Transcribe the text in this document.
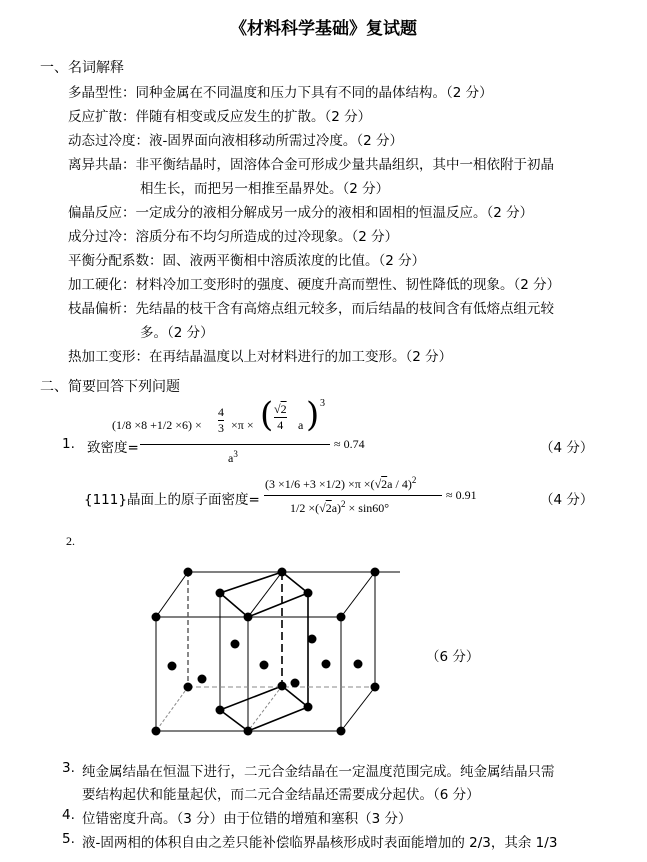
《材料科学基础》复试题
一、名词解释
多晶型性：同种金属在不同温度和压力下具有不同的晶体结构。（2 分）
反应扩散：伴随有相变或反应发生的扩散。（2 分）
动态过冷度：液-固界面向液相移动所需过冷度。（2 分）
离异共晶：非平衡结晶时，固溶体合金可形成少量共晶组织，其中一相依附于初晶
相生长，而把另一相推至晶界处。（2 分）
偏晶反应：一定成分的液相分解成另一成分的液相和固相的恒温反应。（2 分）
成分过冷：溶质分布不均匀所造成的过冷现象。（2 分）
平衡分配系数：固、液两平衡相中溶质浓度的比值。（2 分）
加工硬化：材料冷加工变形时的强度、硬度升高而塑性、韧性降低的现象。（2 分）
枝晶偏析：先结晶的枝干含有高熔点组元较多，而后结晶的枝间含有低熔点组元较
多。（2 分）
热加工变形：在再结晶温度以上对材料进行的加工变形。（2 分）
二、简要回答下列问题
1. 致密度=
(1/8 ×8 +1/2 ×6) ×
4
3 ×π × ( √2
4 a ) 3
$a^3$
≈ 0.74	（4 分）
{111}晶面上的原子面密度=
(3 ×1/6 +3 ×1/2) ×π ×(√2a / 4)$^2$
$1/2 \times(√2a)^2 \times \sin 60^\circ$
≈ 0.91	（4 分）
2.
（6 分）
3. 纯金属结晶在恒温下进行，二元合金结晶在一定温度范围完成。纯金属结晶只需
要结构起伏和能量起伏，而二元合金结晶还需要成分起伏。（6 分）
4. 位错密度升高。（3 分）由于位错的增殖和塞积（3 分）
5. 液-固两相的体积自由之差只能补偿临界晶核形成时表面能增加的 2/3，其余 1/3
